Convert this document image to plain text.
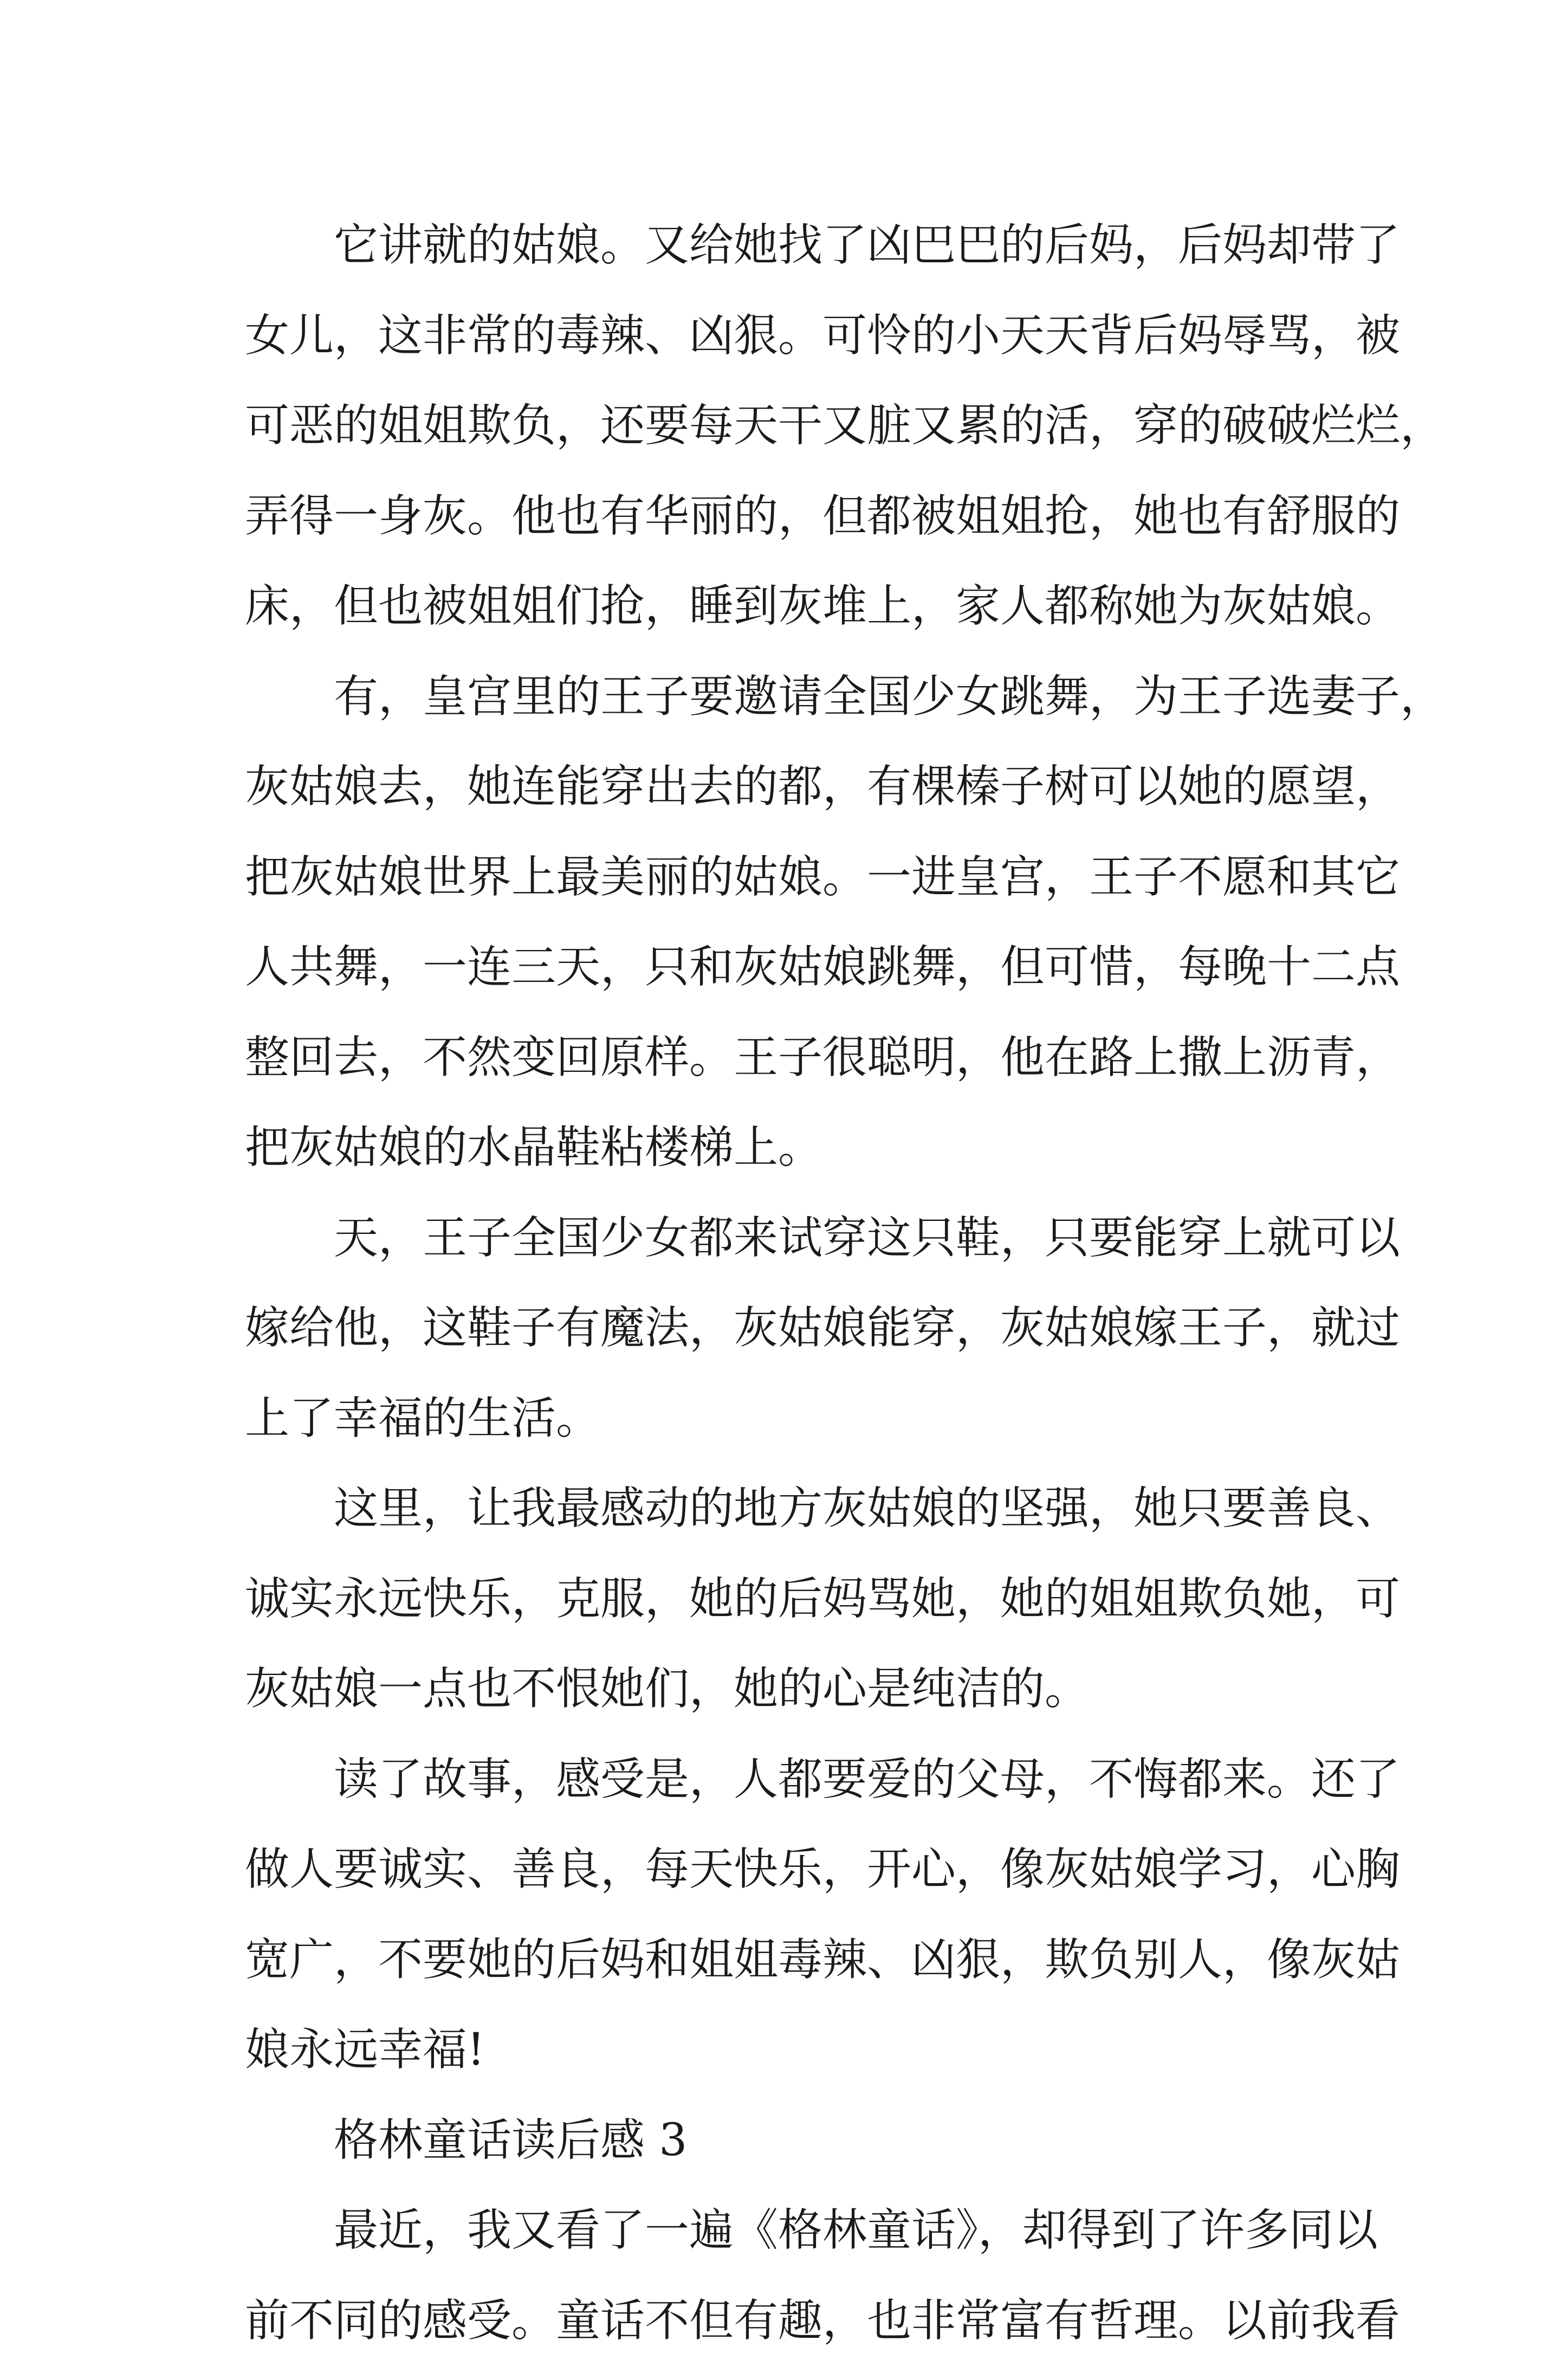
它讲就的姑娘。又给她找了凶巴巴的后妈，后妈却带了
女儿，这非常的毒辣、凶狠。可怜的小天天背后妈辱骂，被
可恶的姐姐欺负，还要每天干又脏又累的活，穿的破破烂烂，
弄得一身灰。他也有华丽的，但都被姐姐抢，她也有舒服的
床，但也被姐姐们抢，睡到灰堆上，家人都称她为灰姑娘。
有，皇宫里的王子要邀请全国少女跳舞，为王子选妻子，
灰姑娘去，她连能穿出去的都，有棵榛子树可以她的愿望，
把灰姑娘世界上最美丽的姑娘。一进皇宫，王子不愿和其它
人共舞，一连三天，只和灰姑娘跳舞，但可惜，每晚十二点
整回去，不然变回原样。王子很聪明，他在路上撒上沥青，
把灰姑娘的水晶鞋粘楼梯上。
天，王子全国少女都来试穿这只鞋，只要能穿上就可以
嫁给他，这鞋子有魔法，灰姑娘能穿，灰姑娘嫁王子，就过
上了幸福的生活。
这里，让我最感动的地方灰姑娘的坚强，她只要善良、
诚实永远快乐，克服，她的后妈骂她，她的姐姐欺负她，可
灰姑娘一点也不恨她们，她的心是纯洁的。
读了故事，感受是，人都要爱的父母，不悔都来。还了
做人要诚实、善良，每天快乐，开心，像灰姑娘学习，心胸
宽广，不要她的后妈和姐姐毒辣、凶狠，欺负别人，像灰姑
娘永远幸福!
格林童话读后感 3
最近，我又看了一遍《格林童话》，却得到了许多同以
前不同的感受。童话不但有趣，也非常富有哲理。以前我看
